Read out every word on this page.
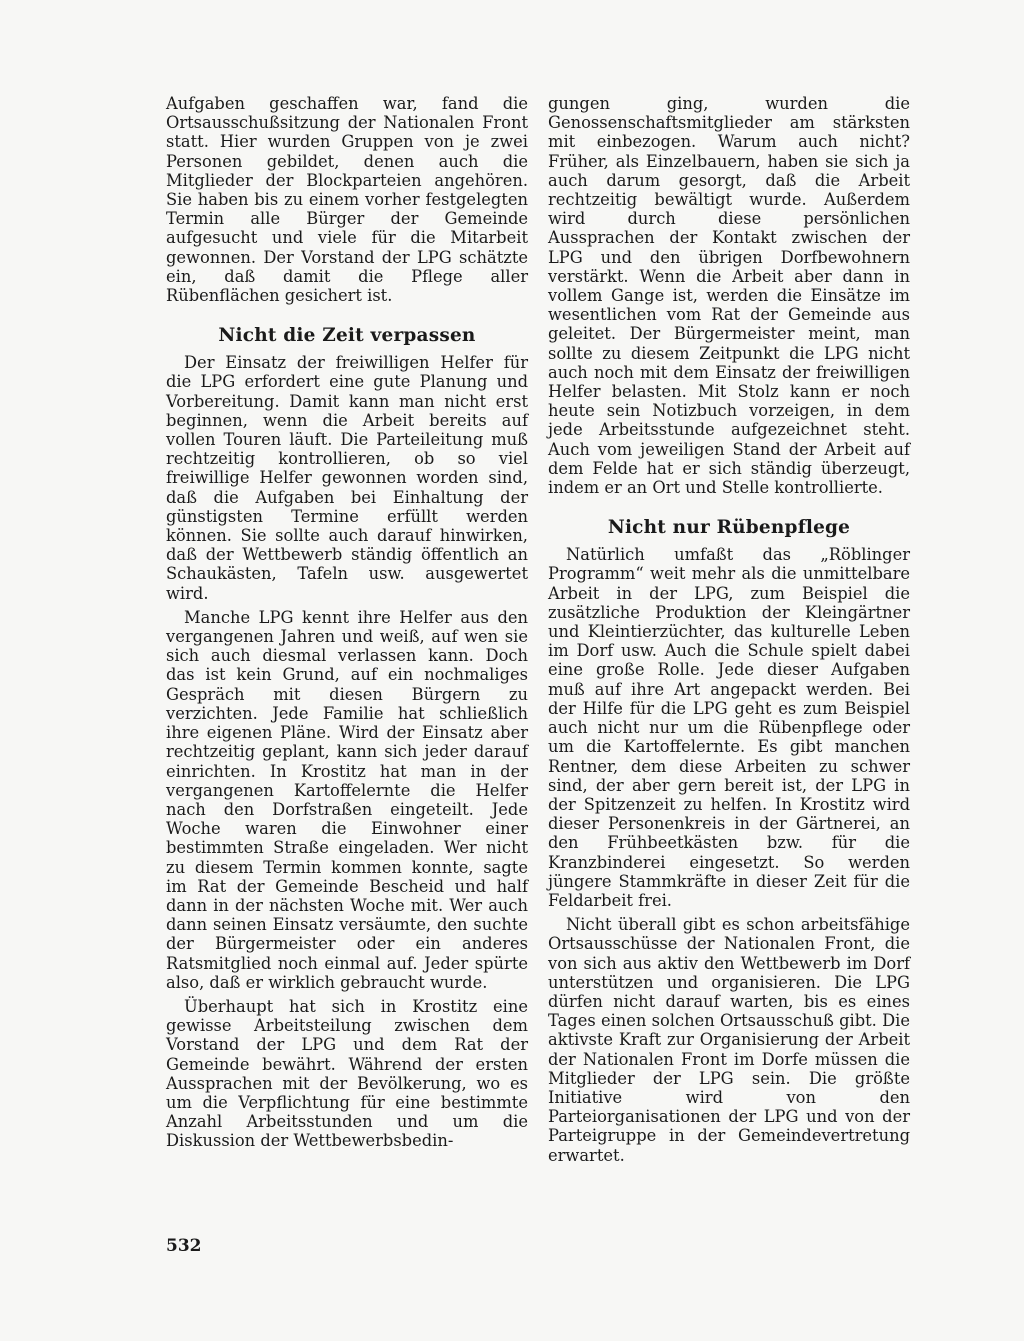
Aufgaben geschaffen war, fand die Ortsausschußsitzung der Nationalen Front statt. Hier wurden Gruppen von je zwei Personen gebildet, denen auch die Mitglieder der Blockparteien angehören. Sie haben bis zu einem vorher festgelegten Termin alle Bürger der Gemeinde aufgesucht und viele für die Mitarbeit gewonnen. Der Vorstand der LPG schätzte ein, daß damit die Pflege aller Rübenflächen gesichert ist.

Nicht die Zeit verpassen

Der Einsatz der freiwilligen Helfer für die LPG erfordert eine gute Planung und Vorbereitung. Damit kann man nicht erst beginnen, wenn die Arbeit bereits auf vollen Touren läuft. Die Parteileitung muß rechtzeitig kontrollieren, ob so viel freiwillige Helfer gewonnen worden sind, daß die Aufgaben bei Einhaltung der günstigsten Termine erfüllt werden können. Sie sollte auch darauf hinwirken, daß der Wettbewerb ständig öffentlich an Schaukästen, Tafeln usw. ausgewertet wird.

Manche LPG kennt ihre Helfer aus den vergangenen Jahren und weiß, auf wen sie sich auch diesmal verlassen kann. Doch das ist kein Grund, auf ein nochmaliges Gespräch mit diesen Bürgern zu verzichten. Jede Familie hat schließlich ihre eigenen Pläne. Wird der Einsatz aber rechtzeitig geplant, kann sich jeder darauf einrichten. In Krostitz hat man in der vergangenen Kartoffelernte die Helfer nach den Dorfstraßen eingeteilt. Jede Woche waren die Einwohner einer bestimmten Straße eingeladen. Wer nicht zu diesem Termin kommen konnte, sagte im Rat der Gemeinde Bescheid und half dann in der nächsten Woche mit. Wer auch dann seinen Einsatz versäumte, den suchte der Bürgermeister oder ein anderes Ratsmitglied noch einmal auf. Jeder spürte also, daß er wirklich gebraucht wurde.

Überhaupt hat sich in Krostitz eine gewisse Arbeitsteilung zwischen dem Vorstand der LPG und dem Rat der Gemeinde bewährt. Während der ersten Aussprachen mit der Bevölkerung, wo es um die Verpflichtung für eine bestimmte Anzahl Arbeitsstunden und um die Diskussion der Wettbewerbsbedin-

gungen ging, wurden die Genossenschaftsmitglieder am stärksten mit einbezogen. Warum auch nicht? Früher, als Einzelbauern, haben sie sich ja auch darum gesorgt, daß die Arbeit rechtzeitig bewältigt wurde. Außerdem wird durch diese persönlichen Aussprachen der Kontakt zwischen der LPG und den übrigen Dorfbewohnern verstärkt. Wenn die Arbeit aber dann in vollem Gange ist, werden die Einsätze im wesentlichen vom Rat der Gemeinde aus geleitet. Der Bürgermeister meint, man sollte zu diesem Zeitpunkt die LPG nicht auch noch mit dem Einsatz der freiwilligen Helfer belasten. Mit Stolz kann er noch heute sein Notizbuch vorzeigen, in dem jede Arbeitsstunde aufgezeichnet steht. Auch vom jeweiligen Stand der Arbeit auf dem Felde hat er sich ständig überzeugt, indem er an Ort und Stelle kontrollierte.

Nicht nur Rübenpflege

Natürlich umfaßt das „Röblinger Programm“ weit mehr als die unmittelbare Arbeit in der LPG, zum Beispiel die zusätzliche Produktion der Kleingärtner und Kleintierzüchter, das kulturelle Leben im Dorf usw. Auch die Schule spielt dabei eine große Rolle. Jede dieser Aufgaben muß auf ihre Art angepackt werden. Bei der Hilfe für die LPG geht es zum Beispiel auch nicht nur um die Rübenpflege oder um die Kartoffelernte. Es gibt manchen Rentner, dem diese Arbeiten zu schwer sind, der aber gern bereit ist, der LPG in der Spitzenzeit zu helfen. In Krostitz wird dieser Personenkreis in der Gärtnerei, an den Frühbeetkästen bzw. für die Kranzbinderei eingesetzt. So werden jüngere Stammkräfte in dieser Zeit für die Feldarbeit frei.

Nicht überall gibt es schon arbeitsfähige Ortsausschüsse der Nationalen Front, die von sich aus aktiv den Wettbewerb im Dorf unterstützen und organisieren. Die LPG dürfen nicht darauf warten, bis es eines Tages einen solchen Ortsausschuß gibt. Die aktivste Kraft zur Organisierung der Arbeit der Nationalen Front im Dorfe müssen die Mitglieder der LPG sein. Die größte Initiative wird von den Parteiorganisationen der LPG und von der Parteigruppe in der Gemeindevertretung erwartet.

532
